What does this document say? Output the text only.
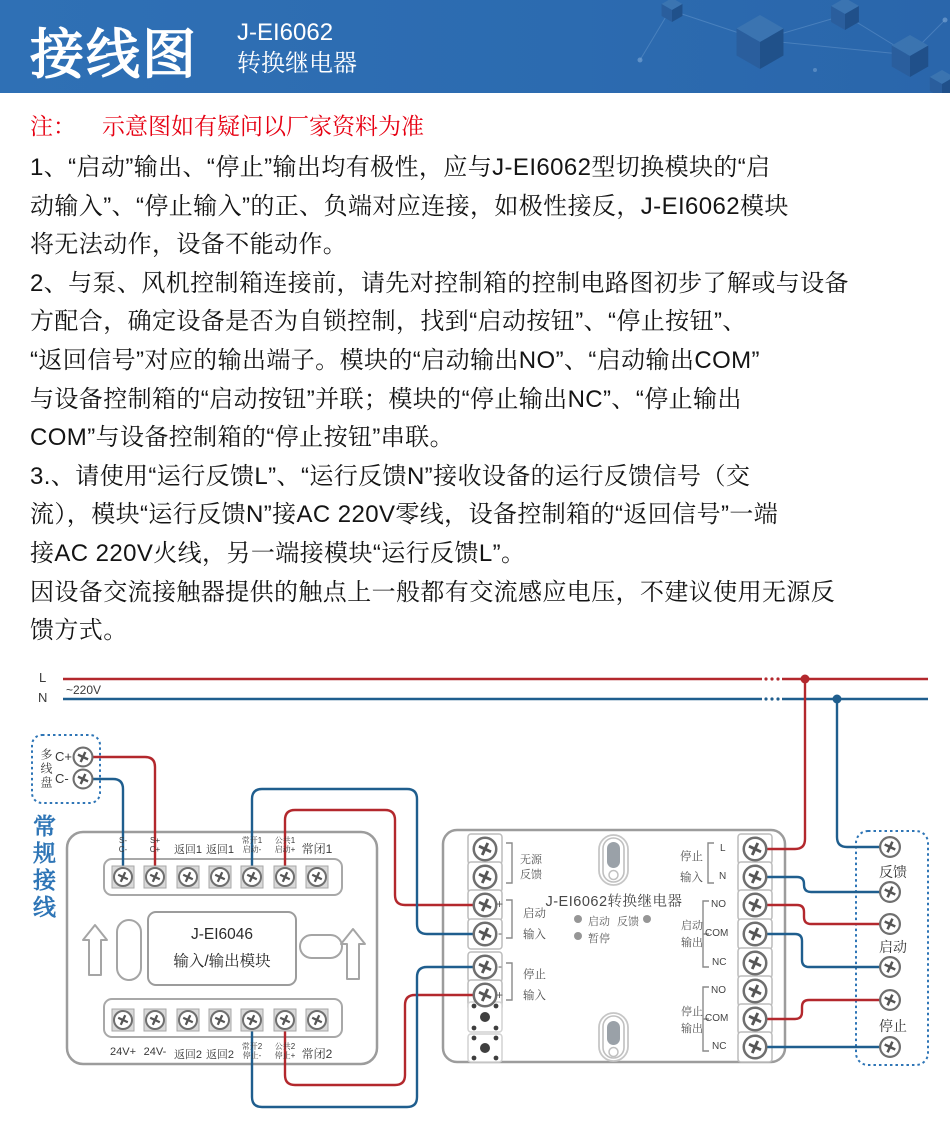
接线图 J-EI6062
转换继电器
注： 示意图如有疑问以厂家资料为准
1、“启动”输出、“停止”输出均有极性，应与J-EI6062型切换模块的“启
动输入”、“停止输入”的正、负端对应连接，如极性接反，J-EI6062模块
将无法动作，设备不能动作。
2、与泵、风机控制箱连接前，请先对控制箱的控制电路图初步了解或与设备
方配合，确定设备是否为自锁控制，找到“启动按钮”、“停止按钮”、
“返回信号”对应的输出端子。模块的“启动输出NO”、“启动输出COM”
与设备控制箱的“启动按钮”并联；模块的“停止输出NC”、“停止输出
COM”与设备控制箱的“停止按钮”串联。
3.、请使用“运行反馈L”、“运行反馈N”接收设备的运行反馈信号（交
流），模块“运行反馈N”接AC 220V零线，设备控制箱的“返回信号”一端
接AC 220V火线，另一端接模块“运行反馈L”。
因设备交流接触器提供的触点上一般都有交流感应电压，不建议使用无源反
馈方式。
L
N ~220V
多线盘 C+
C-
常规接线	S-
C-
S+
C+ 返回1 返回1
常开1
启动-
公共1
启动+ 常闭1
24V+ 24V- 返回2 返回2
常开2
停止-
公共2
停止+ 常闭2
J-EI6046
输入/输出模块
J-EI6062转换继电器
启动 反馈
暂停
无源
反馈
启动
输入
停止
输入
+
-
-
+
停止
输入
L
N
启动
输出
NO
COM
NC
停止
输出
NO
COM
NC
反馈
启动
停止
